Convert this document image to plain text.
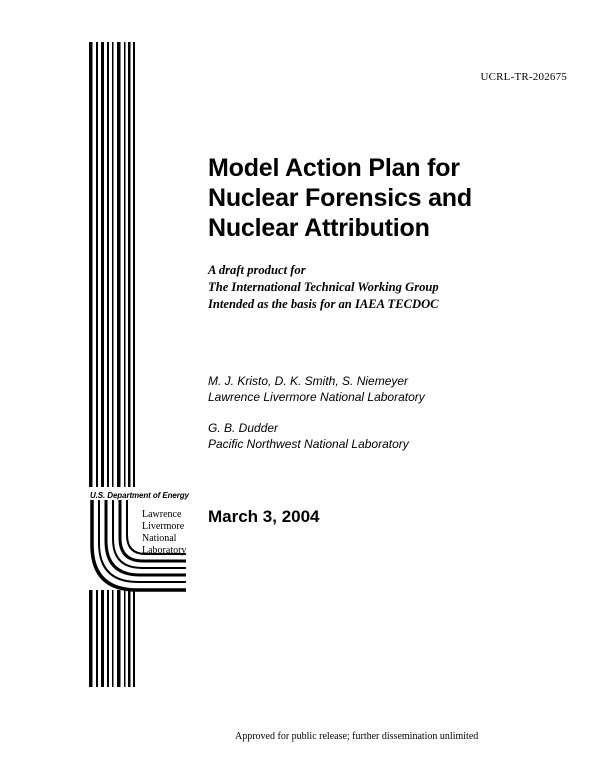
UCRL-TR-202675
Model Action Plan for
Nuclear Forensics and
Nuclear Attribution
A draft product for
The International Technical Working Group
Intended as the basis for an IAEA TECDOC
M. J. Kristo, D. K. Smith, S. Niemeyer
Lawrence Livermore National Laboratory
G. B. Dudder
Pacific Northwest National Laboratory
U.S. Department of Energy
Lawrence
Livermore
National
Laboratory
March 3, 2004
Approved for public release; further dissemination unlimited
